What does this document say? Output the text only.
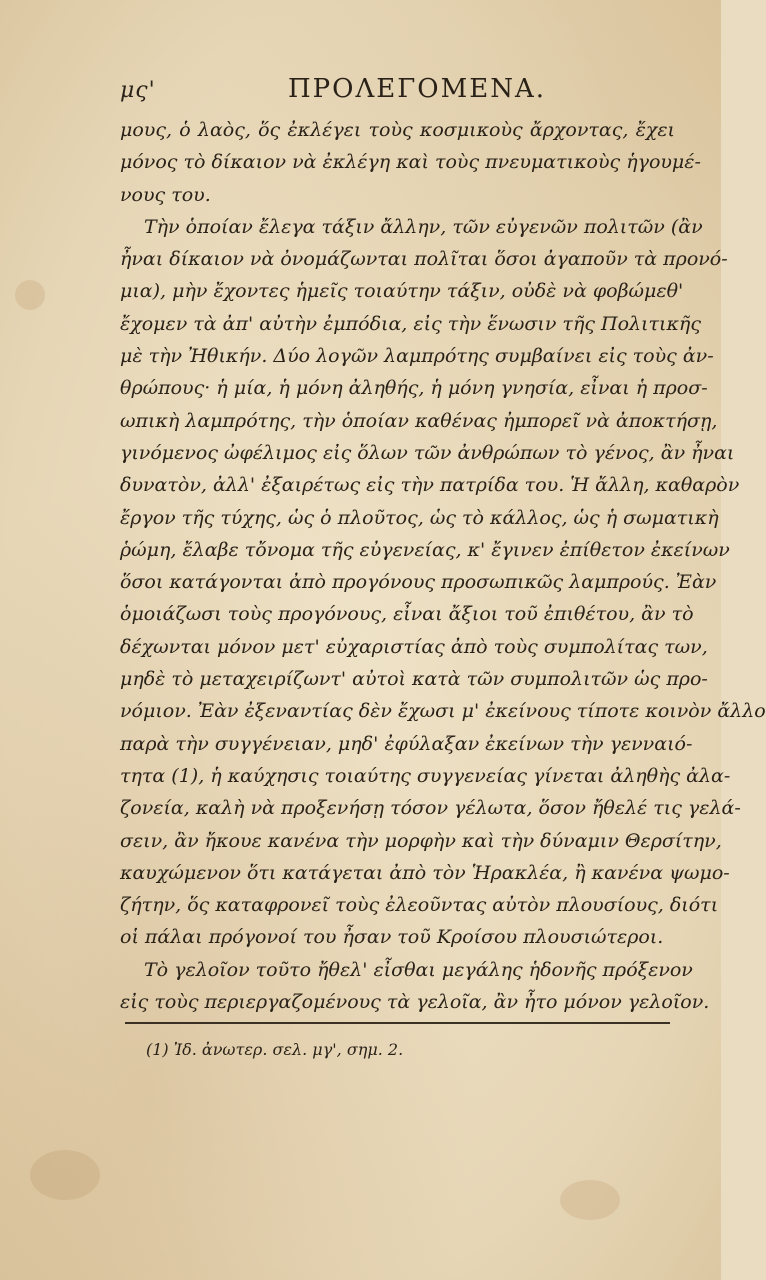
μς'	ΠΡΟΛΕΓΟΜΕΝΑ.
μους, ὁ λαὸς, ὅς ἐκλέγει τοὺς κοσμικοὺς ἄρχοντας, ἔχει
μόνος τὸ δίκαιον νὰ ἐκλέγη καὶ τοὺς πνευματικοὺς ἡγουμέ-
νους του.
Τὴν ὁποίαν ἔλεγα τάξιν ἄλλην, τῶν εὐγενῶν πολιτῶν (ἂν
ἦναι δίκαιον νὰ ὀνομάζωνται πολῖται ὅσοι ἀγαποῦν τὰ προνό-
μια), μὴν ἔχοντες ἡμεῖς τοιαύτην τάξιν, οὐδὲ νὰ φοβώμεθ'
ἔχομεν τὰ ἀπ' αὐτὴν ἐμπόδια, εἰς τὴν ἕνωσιν τῆς Πολιτικῆς
μὲ τὴν Ἠθικήν. Δύο λογῶν λαμπρότης συμβαίνει εἰς τοὺς ἀν-
θρώπους· ἡ μία, ἡ μόνη ἀληθής, ἡ μόνη γνησία, εἶναι ἡ προσ-
ωπικὴ λαμπρότης, τὴν ὁποίαν καθένας ἠμπορεῖ νὰ ἀποκτήσῃ,
γινόμενος ὠφέλιμος εἰς ὅλων τῶν ἀνθρώπων τὸ γένος, ἂν ἦναι
δυνατὸν, ἀλλ' ἐξαιρέτως εἰς τὴν πατρίδα του. Ἡ ἄλλη, καθαρὸν
ἔργον τῆς τύχης, ὡς ὁ πλοῦτος, ὡς τὸ κάλλος, ὡς ἡ σωματικὴ
ῥώμη, ἔλαβε τὄνομα τῆς εὐγενείας, κ' ἔγινεν ἐπίθετον ἐκείνων
ὅσοι κατάγονται ἀπὸ προγόνους προσωπικῶς λαμπρούς. Ἐὰν
ὁμοιάζωσι τοὺς προγόνους, εἶναι ἄξιοι τοῦ ἐπιθέτου, ἂν τὸ
δέχωνται μόνον μετ' εὐχαριστίας ἀπὸ τοὺς συμπολίτας των,
μηδὲ τὸ μεταχειρίζωντ' αὐτοὶ κατὰ τῶν συμπολιτῶν ὡς προ-
νόμιον. Ἐὰν ἐξεναντίας δὲν ἔχωσι μ' ἐκείνους τίποτε κοινὸν ἄλλο
παρὰ τὴν συγγένειαν, μηδ' ἐφύλαξαν ἐκείνων τὴν γενναιό-
τητα (1), ἡ καύχησις τοιαύτης συγγενείας γίνεται ἀληθὴς ἀλα-
ζονεία, καλὴ νὰ προξενήσῃ τόσον γέλωτα, ὅσον ἤθελέ τις γελά-
σειν, ἂν ἤκουε κανένα τὴν μορφὴν καὶ τὴν δύναμιν Θερσίτην,
καυχώμενον ὅτι κατάγεται ἀπὸ τὸν Ἡρακλέα, ἢ κανένα ψωμο-
ζήτην, ὅς καταφρονεῖ τοὺς ἐλεοῦντας αὐτὸν πλουσίους, διότι
οἱ πάλαι πρόγονοί του ἦσαν τοῦ Κροίσου πλουσιώτεροι.
Τὸ γελοῖον τοῦτο ἤθελ' εἶσθαι μεγάλης ἡδονῆς πρόξενον
εἰς τοὺς περιεργαζομένους τὰ γελοῖα, ἂν ἦτο μόνον γελοῖον.
(1) Ἰδ. ἀνωτερ. σελ. μγ', σημ. 2.
